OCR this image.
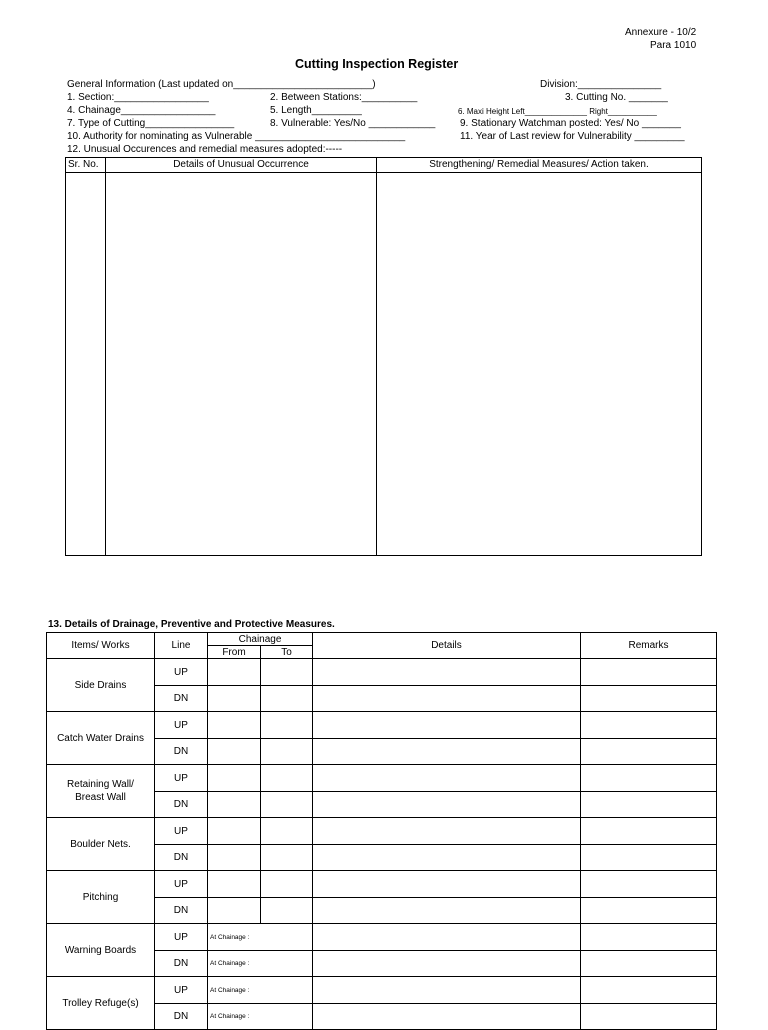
Annexure - 10/2
Para 1010
Cutting Inspection Register
General Information (Last updated on_________________________)	Division:_______________
1. Section:_________________	2. Between Stations:__________	3. Cutting No. _______
4. Chainage_________________	5. Length_________	6. Maxi Height Left______________ Right___________
7. Type of Cutting________________	8. Vulnerable: Yes/No ____________ 9. Stationary Watchman posted: Yes/ No _______
10. Authority for nominating as Vulnerable ___________________________	11. Year of Last review for Vulnerability _________
12. Unusual Occurences and remedial measures adopted:-----
Sr. No.	Details of Unusual Occurrence	Strengthening/ Remedial Measures/ Action taken.
13. Details of Drainage, Preventive and Protective Measures.
Items/ Works	Line	Chainage		Details	Remarks
		From	To		
Side Drains	UP				
	DN				
Catch Water Drains	UP				
	DN				
Retaining Wall/ Breast Wall	UP				
	DN				
Boulder Nets.	UP				
	DN				
Pitching	UP				
	DN				
Warning Boards	UP	At Chainage :			
	DN	At Chainage :			
Trolley Refuge(s)	UP	At Chainage :			
	DN	At Chainage :			
